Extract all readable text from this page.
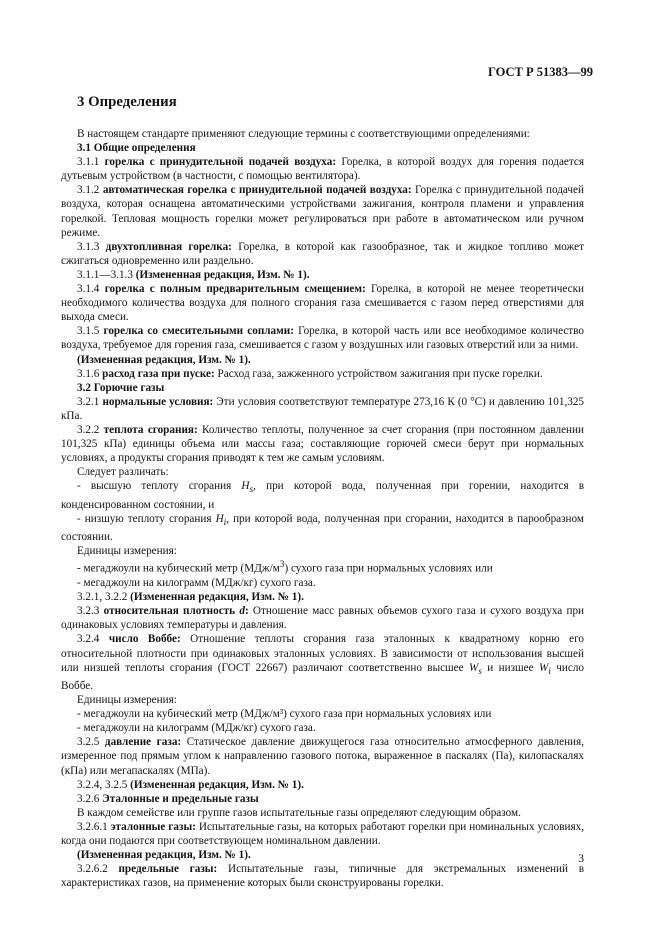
ГОСТ Р 51383—99
3 Определения

В настоящем стандарте применяют следующие термины с соответствующими определениями:

3.1 Общие определения

3.1.1 горелка с принудительной подачей воздуха: Горелка, в которой воздух для горения подается дутьевым устройством (в частности, с помощью вентилятора).

3.1.2 автоматическая горелка с принудительной подачей воздуха: Горелка с принудительной подачей воздуха, которая оснащена автоматическими устройствами зажигания, контроля пламени и управления горелкой. Тепловая мощность горелки может регулироваться при работе в автоматическом или ручном режиме.

3.1.3 двухтопливная горелка: Горелка, в которой как газообразное, так и жидкое топливо может сжигаться одновременно или раздельно.

3.1.1—3.1.3 (Измененная редакция, Изм. № 1).

3.1.4 горелка с полным предварительным смещением: Горелка, в которой не менее теоретически необходимого количества воздуха для полного сгорания газа смешивается с газом перед отверстиями для выхода смеси.

3.1.5 горелка со смесительными соплами: Горелка, в которой часть или все необходимое количество воздуха, требуемое для горения газа, смешивается с газом у воздушных или газовых отверстий или за ними.

(Измененная редакция, Изм. № 1).

3.1.6 расход газа при пуске: Расход газа, зажженного устройством зажигания при пуске горелки.

3.2 Горючие газы

3.2.1 нормальные условия: Эти условия соответствуют температуре 273,16 К (0 °С) и давлению 101,325 кПа.

3.2.2 теплота сгорания: Количество теплоты, полученное за счет сгорания (при постоянном давлении 101,325 кПа) единицы объема или массы газа; составляющие горючей смеси берут при нормальных условиях, а продукты сгорания приводят к тем же самым условиям.

Следует различать:

- высшую теплоту сгорания $H_s$, при которой вода, полученная при горении, находится в конденсированном состоянии, и

- низшую теплоту сгорания $H_i$, при которой вода, полученная при сгорании, находится в парообразном состоянии.

Единицы измерения:

- мегаджоули на кубический метр $(МДж/м^3)$ сухого газа при нормальных условиях или

- мегаджоули на килограмм (МДж/кг) сухого газа.

3.2.1, 3.2.2 (Измененная редакция, Изм. № 1).

3.2.3 относительная плотность d: Отношение масс равных объемов сухого газа и сухого воздуха при одинаковых условиях температуры и давления.

3.2.4 число Воббе: Отношение теплоты сгорания газа эталонных к квадратному корню его относительной плотности при одинаковых эталонных условиях. В зависимости от использования высшей или низшей теплоты сгорания (ГОСТ 22667) различают соответственно высшее $W_s$ и низшее $W_i$ число Воббе.

Единицы измерения:

- мегаджоули на кубический метр (МДж/м³) сухого газа при нормальных условиях или

- мегаджоули на килограмм (МДж/кг) сухого газа.

3.2.5 давление газа: Статическое давление движущегося газа относительно атмосферного давления, измеренное под прямым углом к направлению газового потока, выраженное в паскалях (Па), килопаскалях (кПа) или мегапаскалях (МПа).

3.2.4, 3.2.5 (Измененная редакция, Изм. № 1).

3.2.6 Эталонные и предельные газы

В каждом семействе или группе газов испытательные газы определяют следующим образом.

3.2.6.1 эталонные газы: Испытательные газы, на которых работают горелки при номинальных условиях, когда они подаются при соответствующем номинальном давлении.

(Измененная редакция, Изм. № 1).

3.2.6.2 предельные газы: Испытательные газы, типичные для экстремальных изменений в характеристиках газов, на применение которых были сконструированы горелки.

3
